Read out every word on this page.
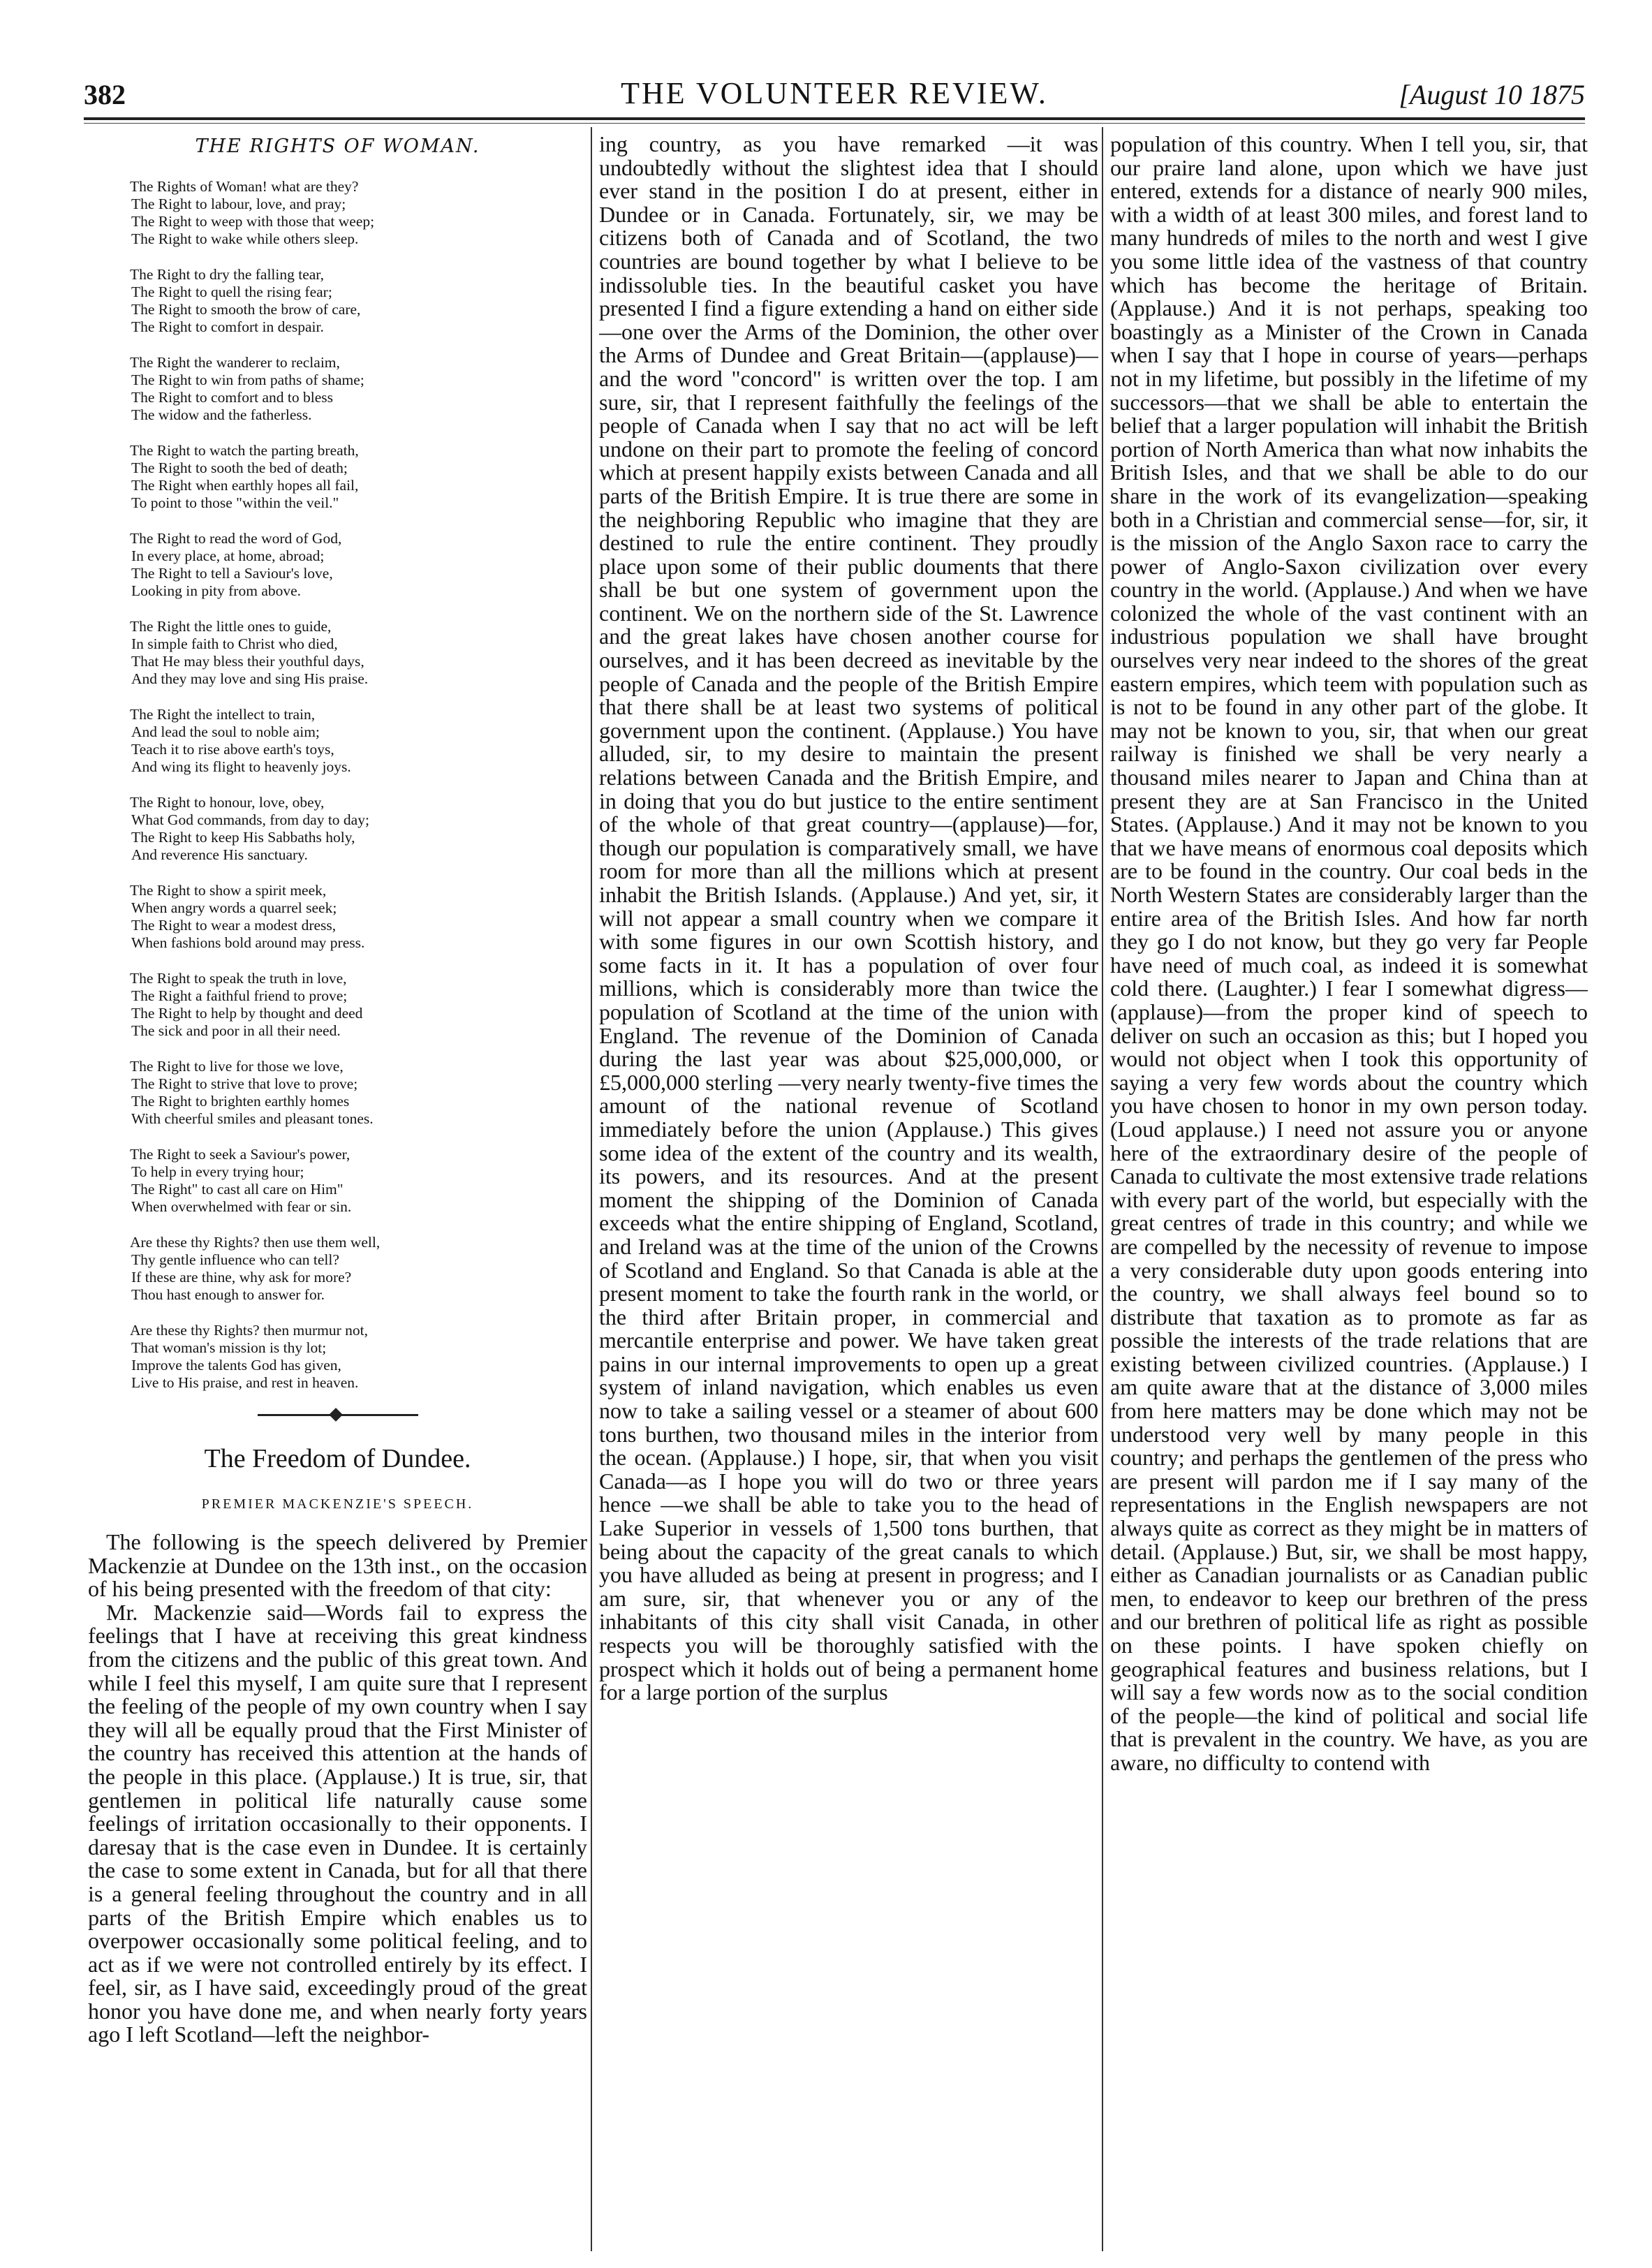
382	THE VOLUNTEER REVIEW.	[August 10 1875
THE RIGHTS OF WOMAN.
The Rights of Woman! what are they?
The Right to labour, love, and pray;
The Right to weep with those that weep;
The Right to wake while others sleep.
The Right to dry the falling tear,
The Right to quell the rising fear;
The Right to smooth the brow of care,
The Right to comfort in despair.
The Right the wanderer to reclaim,
The Right to win from paths of shame;
The Right to comfort and to bless
The widow and the fatherless.
The Right to watch the parting breath,
The Right to sooth the bed of death;
The Right when earthly hopes all fail,
To point to those "within the veil."
The Right to read the word of God,
In every place, at home, abroad;
The Right to tell a Saviour's love,
Looking in pity from above.
The Right the little ones to guide,
In simple faith to Christ who died,
That He may bless their youthful days,
And they may love and sing His praise.
The Right the intellect to train,
And lead the soul to noble aim;
Teach it to rise above earth's toys,
And wing its flight to heavenly joys.
The Right to honour, love, obey,
What God commands, from day to day;
The Right to keep His Sabbaths holy,
And reverence His sanctuary.
The Right to show a spirit meek,
When angry words a quarrel seek;
The Right to wear a modest dress,
When fashions bold around may press.
The Right to speak the truth in love,
The Right a faithful friend to prove;
The Right to help by thought and deed
The sick and poor in all their need.
The Right to live for those we love,
The Right to strive that love to prove;
The Right to brighten earthly homes
With cheerful smiles and pleasant tones.
The Right to seek a Saviour's power,
To help in every trying hour;
The Right" to cast all care on Him"
When overwhelmed with fear or sin.
Are these thy Rights? then use them well,
Thy gentle influence who can tell?
If these are thine, why ask for more?
Thou hast enough to answer for.
Are these thy Rights? then murmur not,
That woman's mission is thy lot;
Improve the talents God has given,
Live to His praise, and rest in heaven.
The Freedom of Dundee.
PREMIER MACKENZIE'S SPEECH.

The following is the speech delivered by Premier Mackenzie at Dundee on the 13th inst., on the occasion of his being presented with the freedom of that city:

Mr. Mackenzie said—Words fail to express the feelings that I have at receiving this great kindness from the citizens and the public of this great town. And while I feel this myself, I am quite sure that I represent the feeling of the people of my own country when I say they will all be equally proud that the First Minister of the country has received this attention at the hands of the people in this place. (Applause.) It is true, sir, that gentlemen in political life naturally cause some feelings of irritation occasionally to their opponents. I daresay that is the case even in Dundee. It is certainly the case to some extent in Canada, but for all that there is a general feeling throughout the country and in all parts of the British Empire which enables us to overpower occasionally some political feeling, and to act as if we were not controlled entirely by its effect. I feel, sir, as I have said, exceedingly proud of the great honor you have done me, and when nearly forty years ago I left Scotland—left the neighbor-

ing country, as you have remarked —it was undoubtedly without the slightest idea that I should ever stand in the position I do at present, either in Dundee or in Canada. Fortunately, sir, we may be citizens both of Canada and of Scotland, the two countries are bound together by what I believe to be indissoluble ties. In the beautiful casket you have presented I find a figure extending a hand on either side—one over the Arms of the Dominion, the other over the Arms of Dundee and Great Britain—(applause)—and the word "concord" is written over the top. I am sure, sir, that I represent faithfully the feelings of the people of Canada when I say that no act will be left undone on their part to promote the feeling of concord which at present happily exists between Canada and all parts of the British Empire. It is true there are some in the neighboring Republic who imagine that they are destined to rule the entire continent. They proudly place upon some of their public douments that there shall be but one system of government upon the continent. We on the northern side of the St. Lawrence and the great lakes have chosen another course for ourselves, and it has been decreed as inevitable by the people of Canada and the people of the British Empire that there shall be at least two systems of political government upon the continent. (Applause.) You have alluded, sir, to my desire to maintain the present relations between Canada and the British Empire, and in doing that you do but justice to the entire sentiment of the whole of that great country—(applause)—for, though our population is comparatively small, we have room for more than all the millions which at present inhabit the British Islands. (Applause.) And yet, sir, it will not appear a small country when we compare it with some figures in our own Scottish history, and some facts in it. It has a population of over four millions, which is considerably more than twice the population of Scotland at the time of the union with England. The revenue of the Dominion of Canada during the last year was about $25,000,000, or £5,000,000 sterling —very nearly twenty-five times the amount of the national revenue of Scotland immediately before the union (Applause.) This gives some idea of the extent of the country and its wealth, its powers, and its resources. And at the present moment the shipping of the Dominion of Canada exceeds what the entire shipping of England, Scotland, and Ireland was at the time of the union of the Crowns of Scotland and England. So that Canada is able at the present moment to take the fourth rank in the world, or the third after Britain proper, in commercial and mercantile enterprise and power. We have taken great pains in our internal improvements to open up a great system of inland navigation, which enables us even now to take a sailing vessel or a steamer of about 600 tons burthen, two thousand miles in the interior from the ocean. (Applause.) I hope, sir, that when you visit Canada—as I hope you will do two or three years hence —we shall be able to take you to the head of Lake Superior in vessels of 1,500 tons burthen, that being about the capacity of the great canals to which you have alluded as being at present in progress; and I am sure, sir, that whenever you or any of the inhabitants of this city shall visit Canada, in other respects you will be thoroughly satisfied with the prospect which it holds out of being a permanent home for a large portion of the surplus

population of this country. When I tell you, sir, that our praire land alone, upon which we have just entered, extends for a distance of nearly 900 miles, with a width of at least 300 miles, and forest land to many hundreds of miles to the north and west I give you some little idea of the vastness of that country which has become the heritage of Britain. (Applause.) And it is not perhaps, speaking too boastingly as a Minister of the Crown in Canada when I say that I hope in course of years—perhaps not in my lifetime, but possibly in the lifetime of my successors—that we shall be able to entertain the belief that a larger population will inhabit the British portion of North America than what now inhabits the British Isles, and that we shall be able to do our share in the work of its evangelization—speaking both in a Christian and commercial sense—for, sir, it is the mission of the Anglo Saxon race to carry the power of Anglo-Saxon civilization over every country in the world. (Applause.) And when we have colonized the whole of the vast continent with an industrious population we shall have brought ourselves very near indeed to the shores of the great eastern empires, which teem with population such as is not to be found in any other part of the globe. It may not be known to you, sir, that when our great railway is finished we shall be very nearly a thousand miles nearer to Japan and China than at present they are at San Francisco in the United States. (Applause.) And it may not be known to you that we have means of enormous coal deposits which are to be found in the country. Our coal beds in the North Western States are considerably larger than the entire area of the British Isles. And how far north they go I do not know, but they go very far People have need of much coal, as indeed it is somewhat cold there. (Laughter.) I fear I somewhat digress—(applause)—from the proper kind of speech to deliver on such an occasion as this; but I hoped you would not object when I took this opportunity of saying a very few words about the country which you have chosen to honor in my own person today. (Loud applause.) I need not assure you or anyone here of the extraordinary desire of the people of Canada to cultivate the most extensive trade relations with every part of the world, but especially with the great centres of trade in this country; and while we are compelled by the necessity of revenue to impose a very considerable duty upon goods entering into the country, we shall always feel bound so to distribute that taxation as to promote as far as possible the interests of the trade relations that are existing between civilized countries. (Applause.) I am quite aware that at the distance of 3,000 miles from here matters may be done which may not be understood very well by many people in this country; and perhaps the gentlemen of the press who are present will pardon me if I say many of the representations in the English newspapers are not always quite as correct as they might be in matters of detail. (Applause.) But, sir, we shall be most happy, either as Canadian journalists or as Canadian public men, to endeavor to keep our brethren of the press and our brethren of political life as right as possible on these points. I have spoken chiefly on geographical features and business relations, but I will say a few words now as to the social condition of the people—the kind of political and social life that is prevalent in the country. We have, as you are aware, no difficulty to contend with
